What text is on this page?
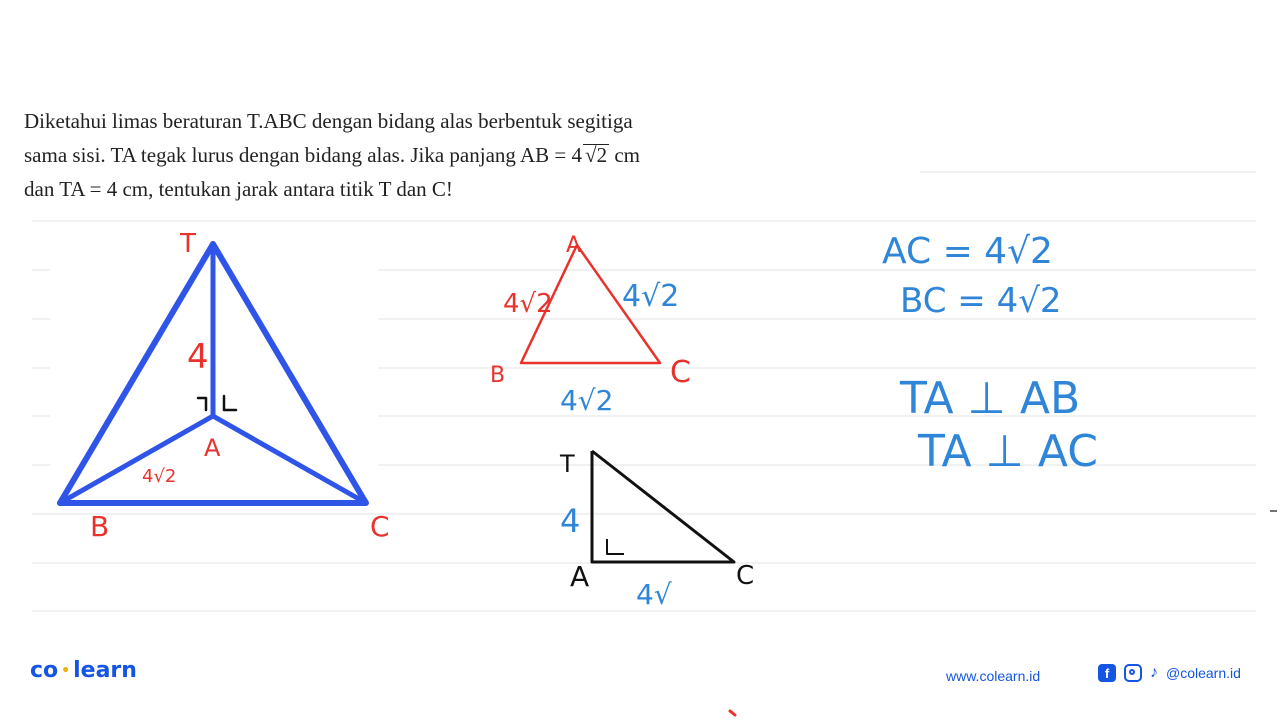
Diketahui limas beraturan T.ABC dengan bidang alas berbentuk segitiga

sama sisi. TA tegak lurus dengan bidang alas. Jika panjang AB = 4 √2 cm

dan TA = 4 cm, tentukan jarak antara titik T dan C!

T
4
A
4√2
B	C
A
4√2 4√2
B	C
4√2
T
4
A	C
4√
AC = 4√2
BC = 4√2
TA ⊥ AB
TA ⊥ AC
co • learn	www.colearn.id	f	♪ @colearn.id
